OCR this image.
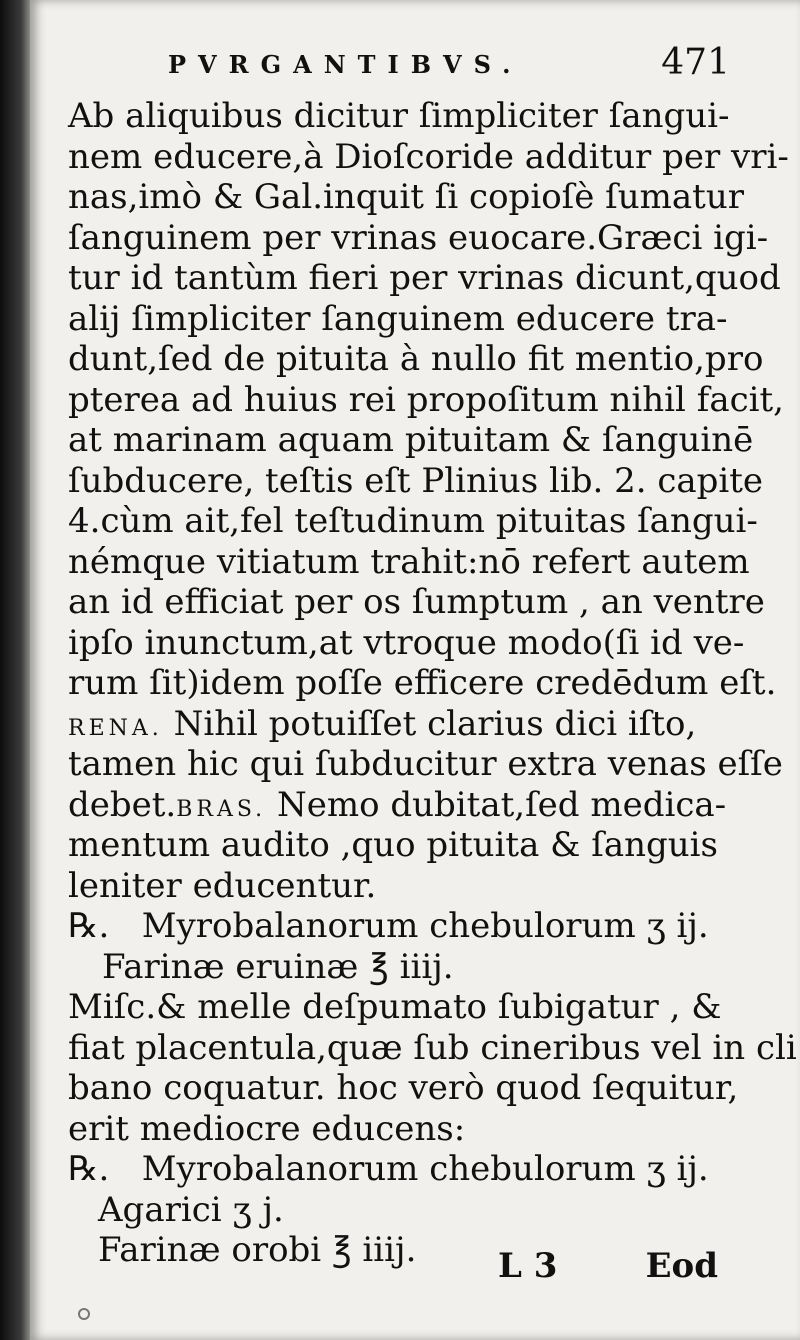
PVRGANTIBVS.	471
Ab aliquibus dicitur ſimpliciter ſangui-
nem educere,à Dioſcoride additur per vri-
nas,imò & Gal.inquit ſi copioſè ſumatur
ſanguinem per vrinas euocare.Græci igi-
tur id tantùm fieri per vrinas dicunt,quod
alij ſimpliciter ſanguinem educere tra-
dunt,ſed de pituita à nullo fit mentio,pro
pterea ad huius rei propoſitum nihil facit,
at marinam aquam pituitam & ſanguinē
ſubducere, teſtis eſt Plinius lib. 2. capite
4.cùm ait,fel teſtudinum pituitas ſangui-
némque vitiatum trahit:nō refert autem
an id efficiat per os ſumptum , an ventre
ipſo inunctum,at vtroque modo(ſi id ve-
rum ſit)idem poſſe efficere credēdum eſt.
RENA. Nihil potuiſſet clarius dici iſto,
tamen hic qui ſubducitur extra venas eſſe
debet.BRAS. Nemo dubitat,ſed medica-
mentum audito ,quo pituita & ſanguis
leniter educentur.
℞. Myrobalanorum chebulorum ʒ ij.
Farinæ eruinæ ℥ iiij.
Miſc.& melle deſpumato ſubigatur , &
fiat placentula,quæ ſub cineribus vel in cli
bano coquatur. hoc verò quod ſequitur,
erit mediocre educens:
℞. Myrobalanorum chebulorum ʒ ij.
Agarici ʒ j.
Farinæ orobi ℥ iiij.	L 3	Eod
